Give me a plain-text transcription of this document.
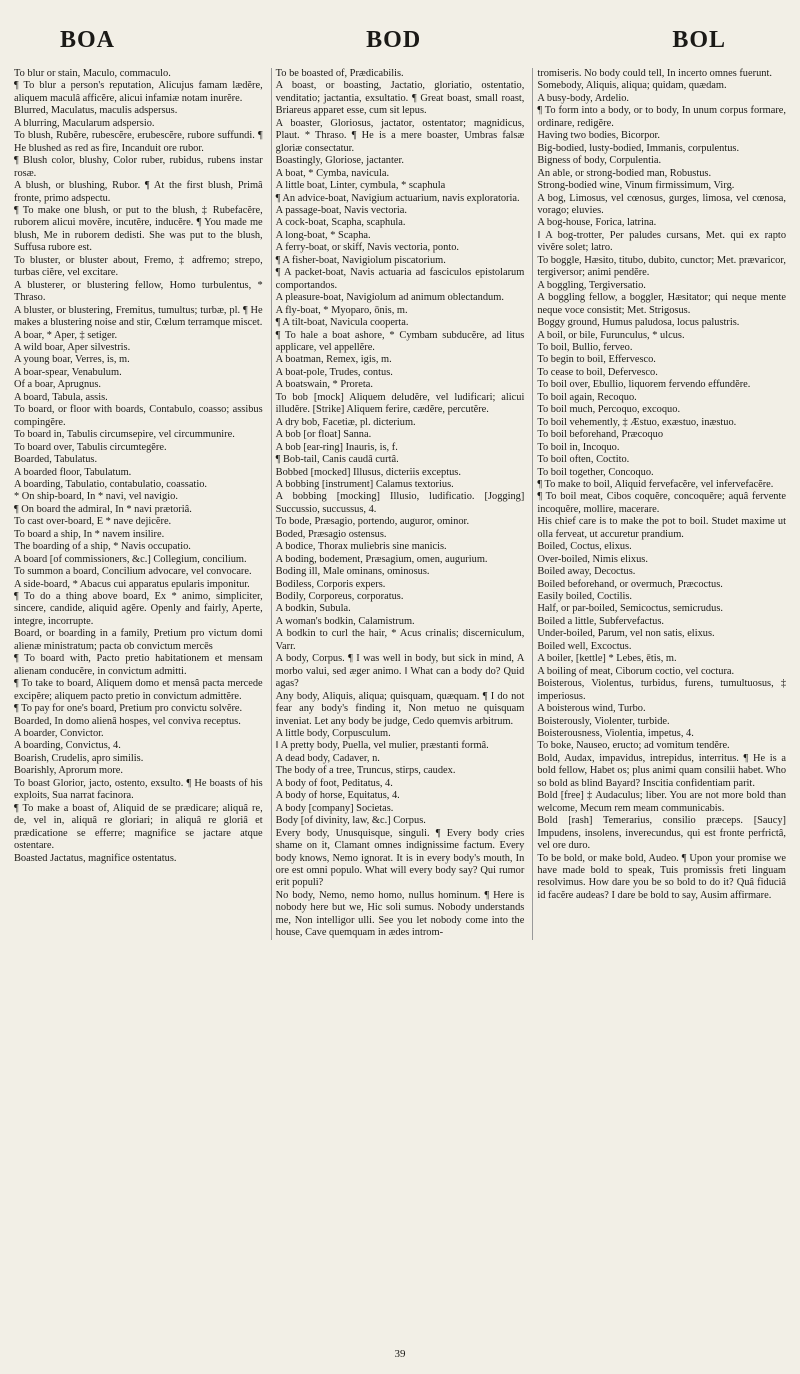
BOA	BOD	BOL

To blur or stain, Maculo, commaculo.

¶ To blur a person's reputation, Alicujus famam lædĕre, aliquem maculâ afficĕre, alicui infamiæ notam inurĕre.

Blurred, Maculatus, maculis adspersus.

A blurring, Macularum adspersio.

To blush, Rubĕre, rubescĕre, erubescĕre, rubore suffundi. ¶ He blushed as red as fire, Incanduit ore rubor.

¶ Blush color, blushy, Color ruber, rubidus, rubens instar rosæ.

A blush, or blushing, Rubor. ¶ At the first blush, Primâ fronte, primo adspectu.

¶ To make one blush, or put to the blush, ‡ Rubefacĕre, ruborem alicui movĕre, incutĕre, inducĕre. ¶ You made me blush, Me in ruborem dedisti. She was put to the blush, Suffusa rubore est.

To bluster, or bluster about, Fremo, ‡ adfremo; strepo, turbas ciĕre, vel excitare.

A blusterer, or blustering fellow, Homo turbulentus, * Thraso.

A bluster, or blustering, Fremitus, tumultus; turbæ, pl. ¶ He makes a blustering noise and stir, Cœlum terramque miscet.

A boar, * Aper, ‡ setiger.

A wild boar, Aper silvestris.

A young boar, Verres, is, m.

A boar-spear, Venabulum.

Of a boar, Aprugnus.

A board, Tabula, assis.

To board, or floor with boards, Contabulo, coasso; assibus compingĕre.

To board in, Tabulis circumsepire, vel circummunire.

To board over, Tabulis circumtegĕre.

Boarded, Tabulatus.

A boarded floor, Tabulatum.

A boarding, Tabulatio, contabulatio, coassatio.

* On ship-board, In * navi, vel navigio.

¶ On board the admiral, In * navi prætoriâ.

To cast over-board, E * nave dejicĕre.

To board a ship, In * navem insilire.

The boarding of a ship, * Navis occupatio.

A board [of commissioners, &c.] Collegium, concilium.

To summon a board, Concilium advocare, vel convocare.

A side-board, * Abacus cui apparatus epularis imponitur.

¶ To do a thing above board, Ex * animo, simpliciter, sincere, candide, aliquid agĕre. Openly and fairly, Aperte, integre, incorrupte.

Board, or boarding in a family, Pretium pro victum domi alienæ ministratum; pacta ob convictum mercēs

¶ To board with, Pacto pretio habitationem et mensam alienam conducĕre, in convictum admitti.

¶ To take to board, Aliquem domo et mensâ pacta mercede excipĕre; aliquem pacto pretio in convictum admittĕre.

¶ To pay for one's board, Pretium pro convictu solvĕre.

Boarded, In domo alienâ hospes, vel conviva receptus.

A boarder, Convictor.

A boarding, Convictus, 4.

Boarish, Crudelis, apro similis.

Boarishly, Aprorum more.

To boast Glorior, jacto, ostento, exsulto. ¶ He boasts of his exploits, Sua narrat facinora.

¶ To make a boast of, Aliquid de se prædicare; aliquâ re, de, vel in, aliquâ re gloriari; in aliquâ re gloriâ et prædicatione se efferre; magnifice se jactare atque ostentare.

Boasted Jactatus, magnifice ostentatus.

To be boasted of, Prædicabilis.

A boast, or boasting, Jactatio, gloriatio, ostentatio, venditatio; jactantia, exsultatio. ¶ Great boast, small roast, Briareus apparet esse, cum sit lepus.

A boaster, Gloriosus, jactator, ostentator; magnidicus, Plaut. * Thraso. ¶ He is a mere boaster, Umbras falsæ gloriæ consectatur.

Boastingly, Gloriose, jactanter.

A boat, * Cymba, navicula.

A little boat, Linter, cymbula, * scaphula

¶ An advice-boat, Navigium actuarium, navis exploratoria.

A passage-boat, Navis vectoria.

A cock-boat, Scapha, scaphula.

A long-boat, * Scapha.

A ferry-boat, or skiff, Navis vectoria, ponto.

¶ A fisher-boat, Navigiolum piscatorium.

¶ A packet-boat, Navis actuaria ad fasciculos epistolarum comportandos.

A pleasure-boat, Navigiolum ad animum oblectandum.

A fly-boat, * Myoparo, ōnis, m.

¶ A tilt-boat, Navicula cooperta.

¶ To hale a boat ashore, * Cymbam subducĕre, ad litus applicare, vel appellĕre.

A boatman, Remex, igis, m.

A boat-pole, Trudes, contus.

A boatswain, * Proreta.

To bob [mock] Aliquem deludĕre, vel ludificari; alicui illudĕre. [Strike] Aliquem ferire, cædĕre, percutĕre.

A dry bob, Facetiæ, pl. dicterium.

A bob [or float] Sanna.

A bob [ear-ring] Inauris, is, f.

¶ Bob-tail, Canis caudâ curtâ.

Bobbed [mocked] Illusus, dicteriis exceptus.

A bobbing [instrument] Calamus textorius.

A bobbing [mocking] Illusio, ludificatio. [Jogging] Succussio, succussus, 4.

To bode, Præsagio, portendo, auguror, ominor.

Boded, Præsagio ostensus.

A bodice, Thorax muliebris sine manicis.

A boding, bodement, Præsagium, omen, augurium.

Boding ill, Male ominans, ominosus.

Bodiless, Corporis expers.

Bodily, Corporeus, corporatus.

A bodkin, Subula.

A woman's bodkin, Calamistrum.

A bodkin to curl the hair, * Acus crinalis; discerniculum, Varr.

A body, Corpus. ¶ I was well in body, but sick in mind, A morbo valui, sed æger animo. ‖ What can a body do? Quid agas?

Any body, Aliquis, aliqua; quisquam, quæquam. ¶ I do not fear any body's finding it, Non metuo ne quisquam inveniat. Let any body be judge, Cedo quemvis arbitrum.

A little body, Corpusculum.

‖ A pretty body, Puella, vel mulier, præstanti formâ.

A dead body, Cadaver, n.

The body of a tree, Truncus, stirps, caudex.

A body of foot, Peditatus, 4.

A body of horse, Equitatus, 4.

A body [company] Societas.

Body [of divinity, law, &c.] Corpus.

Every body, Unusquisque, singuli. ¶ Every body cries shame on it, Clamant omnes indignissime factum. Every body knows, Nemo ignorat. It is in every body's mouth, In ore est omni populo. What will every body say? Qui rumor erit populi?

No body, Nemo, nemo homo, nullus hominum. ¶ Here is nobody here but we, Hic soli sumus. Nobody understands me, Non intelligor ulli. See you let nobody come into the house, Cave quemquam in ædes introm-

tromiseris. No body could tell, In incerto omnes fuerunt.

Somebody, Aliquis, aliqua; quidam, quædam.

A busy-body, Ardelio.

¶ To form into a body, or to body, In unum corpus formare, ordinare, redigĕre.

Having two bodies, Bicorpor.

Big-bodied, lusty-bodied, Immanis, corpulentus.

Bigness of body, Corpulentia.

An able, or strong-bodied man, Robustus.

Strong-bodied wine, Vinum firmissimum, Virg.

A bog, Limosus, vel cœnosus, gurges, limosa, vel cœnosa, vorago; eluvies.

A bog-house, Forica, latrina.

‖ A bog-trotter, Per paludes cursans, Met. qui ex rapto vivĕre solet; latro.

To boggle, Hæsito, titubo, dubito, cunctor; Met. prævaricor, tergiversor; animi pendĕre.

A boggling, Tergiversatio.

A boggling fellow, a boggler, Hæsitator; qui neque mente neque voce consistit; Met. Strigosus.

Boggy ground, Humus paludosa, locus palustris.

A boil, or bile, Furunculus, * ulcus.

To boil, Bullio, ferveo.

To begin to boil, Effervesco.

To cease to boil, Defervesco.

To boil over, Ebullio, liquorem fervendo effundĕre.

To boil again, Recoquo.

To boil much, Percoquo, excoquo.

To boil vehemently, ‡ Æstuo, exæstuo, inæstuo.

To boil beforehand, Præcoquo

To boil in, Incoquo.

To boil often, Coctito.

To boil together, Concoquo.

¶ To make to boil, Aliquid fervefacĕre, vel infervefacĕre.

¶ To boil meat, Cibos coquĕre, concoquĕre; aquâ fervente incoquĕre, mollire, macerare.

His chief care is to make the pot to boil. Studet maxime ut olla ferveat, ut accuretur prandium.

Boiled, Coctus, elixus.

Over-boiled, Nimis elixus.

Boiled away, Decoctus.

Boiled beforehand, or overmuch, Præcoctus.

Easily boiled, Coctilis.

Half, or par-boiled, Semicoctus, semicrudus.

Boiled a little, Subfervefactus.

Under-boiled, Parum, vel non satis, elixus.

Boiled well, Excoctus.

A boiler, [kettle] * Lebes, ētis, m.

A boiling of meat, Ciborum coctio, vel coctura.

Boisterous, Violentus, turbidus, furens, tumultuosus, ‡ imperiosus.

A boisterous wind, Turbo.

Boisterously, Violenter, turbide.

Boisterousness, Violentia, impetus, 4.

To boke, Nauseo, eructo; ad vomitum tendĕre.

Bold, Audax, impavidus, intrepidus, interritus. ¶ He is a bold fellow, Habet os; plus animi quam consilii habet. Who so bold as blind Bayard? Inscitia confidentiam parit.

Bold [free] ‡ Audaculus; liber. You are not more bold than welcome, Mecum rem meam communicabis.

Bold [rash] Temerarius, consilio præceps. [Saucy] Impudens, insolens, inverecundus, qui est fronte perfrictâ, vel ore duro.

To be bold, or make bold, Audeo. ¶ Upon your promise we have made bold to speak, Tuis promissis freti linguam resolvimus. How dare you be so bold to do it? Quâ fiduciâ id facĕre audeas? I dare be bold to say, Ausim affirmare.

39
